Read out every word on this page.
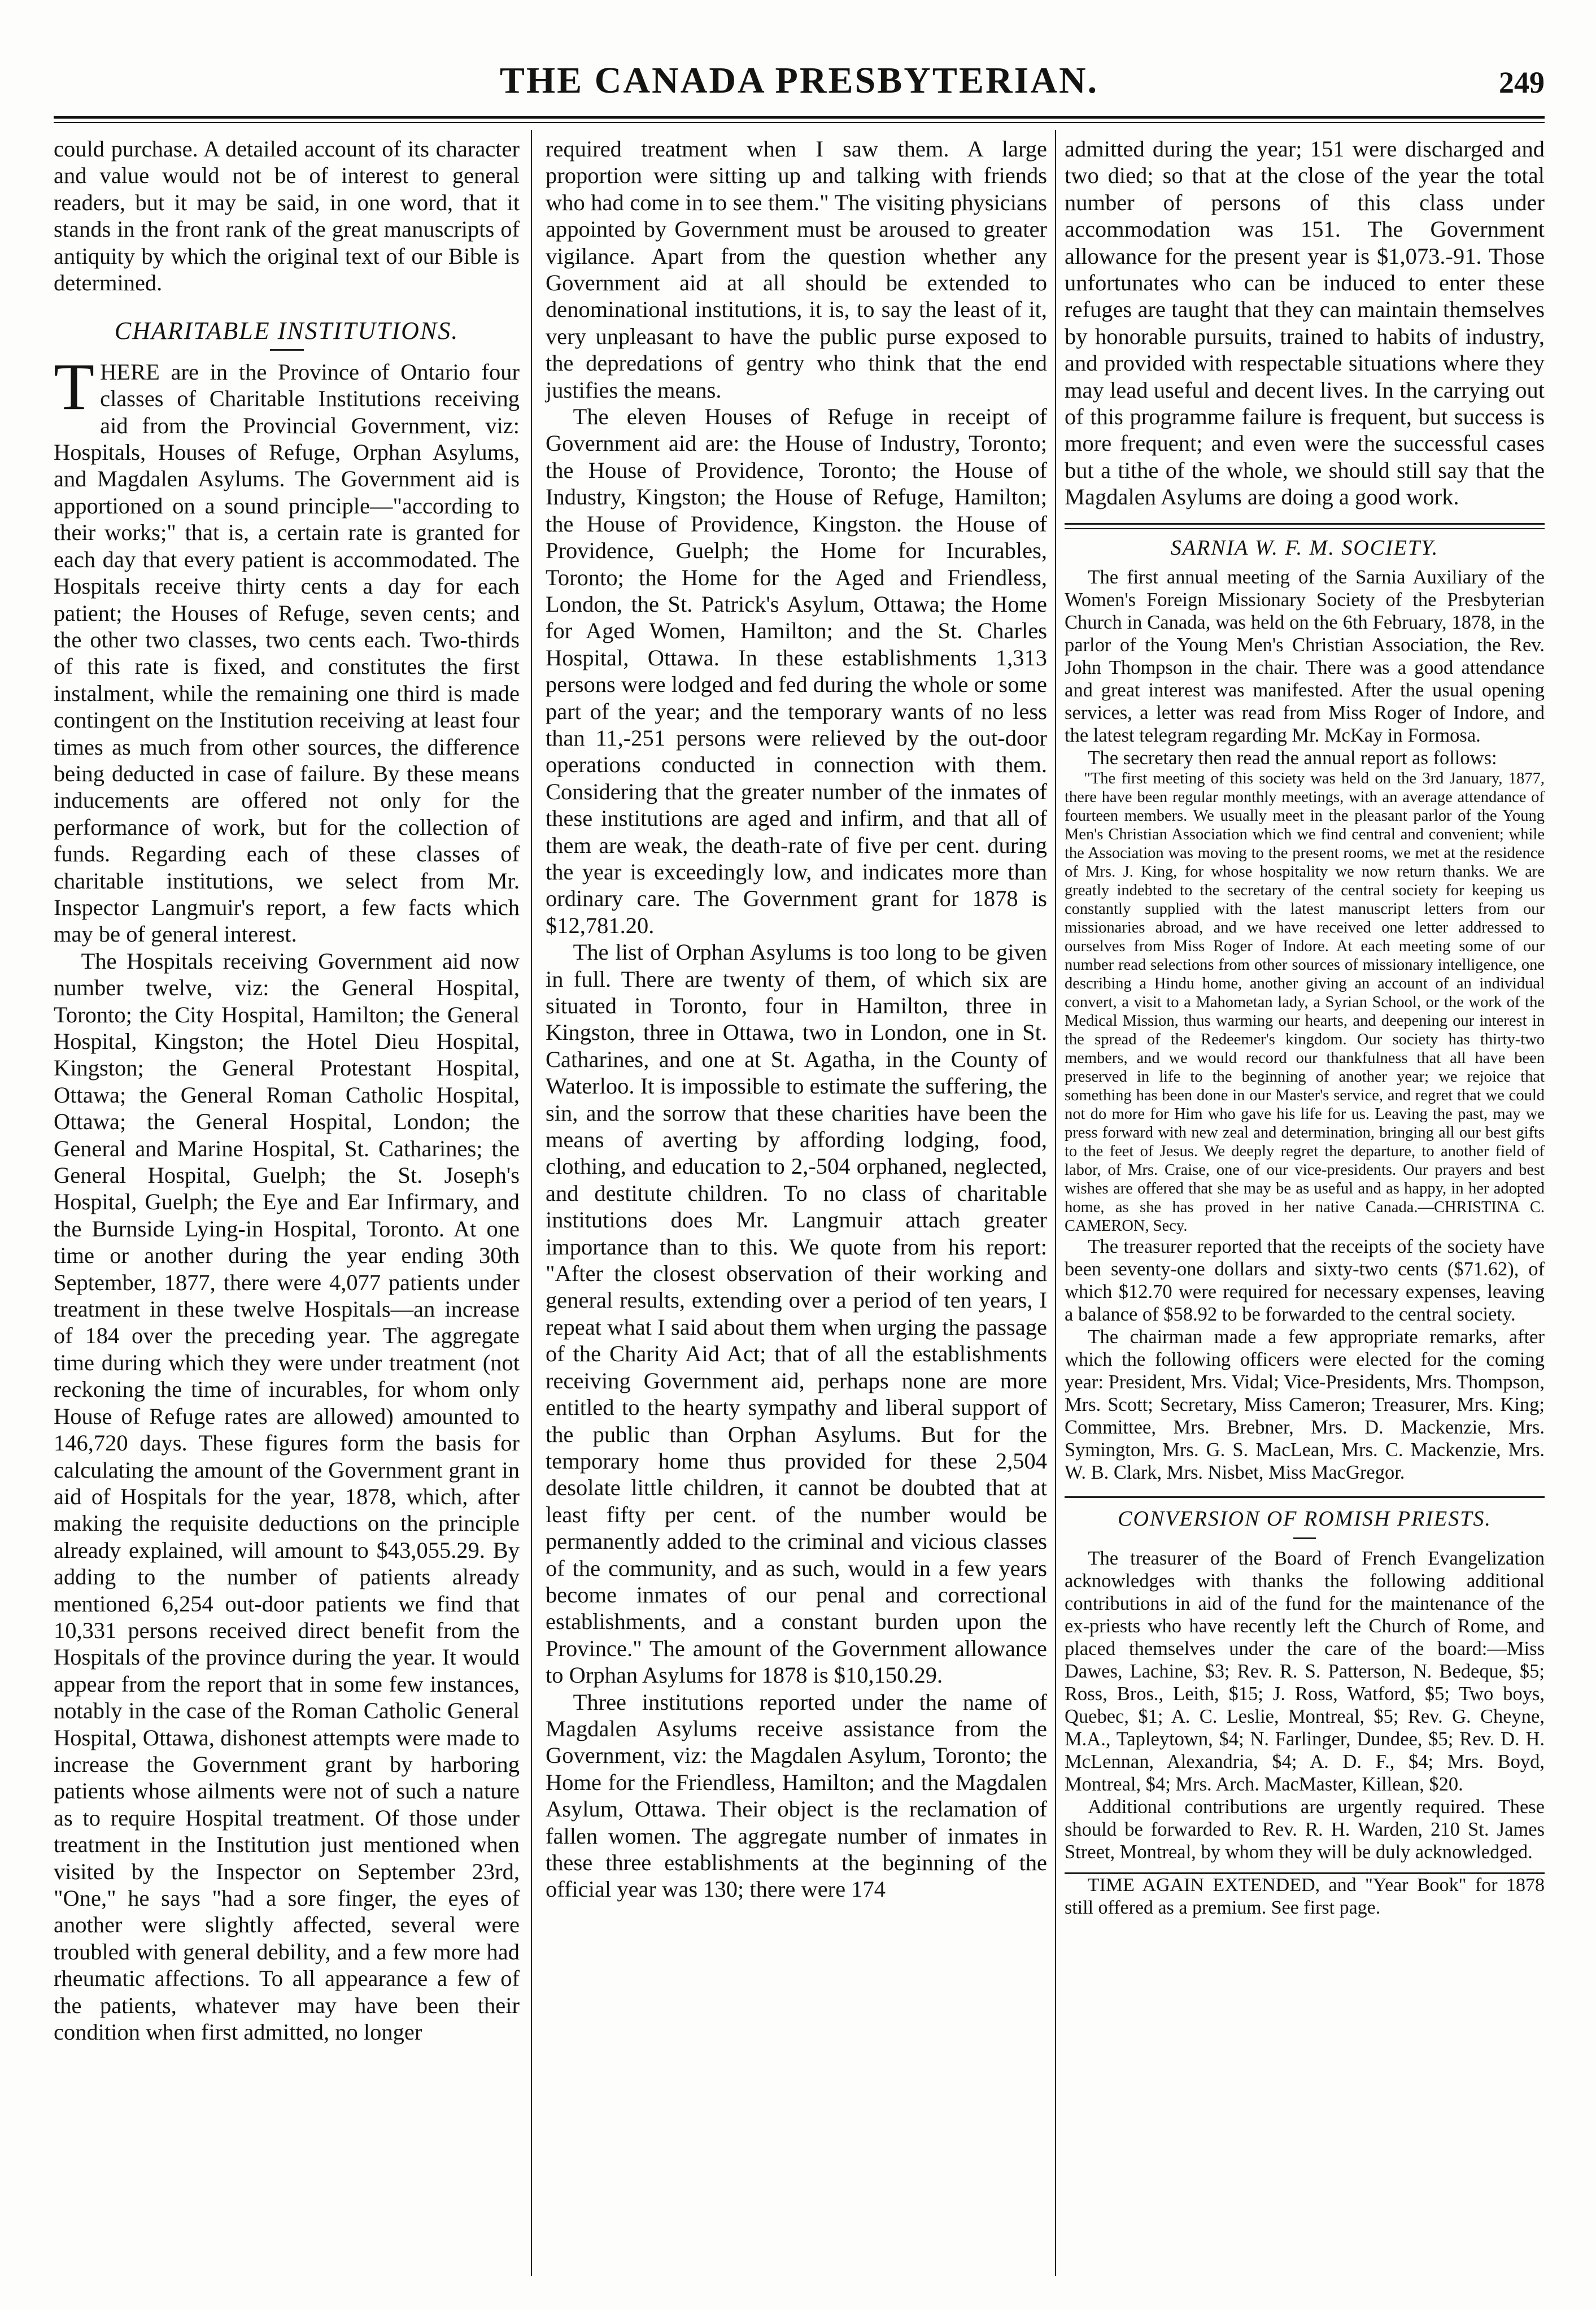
THE CANADA PRESBYTERIAN.	249

could purchase. A detailed account of its character and value would not be of interest to general readers, but it may be said, in one word, that it stands in the front rank of the great manuscripts of antiquity by which the original text of our Bible is determined.

CHARITABLE INSTITUTIONS.

THERE are in the Province of Ontario four classes of Charitable Institutions receiving aid from the Provincial Government, viz: Hospitals, Houses of Refuge, Orphan Asylums, and Magdalen Asylums. The Government aid is apportioned on a sound principle—"according to their works;" that is, a certain rate is granted for each day that every patient is accommodated. The Hospitals receive thirty cents a day for each patient; the Houses of Refuge, seven cents; and the other two classes, two cents each. Two-thirds of this rate is fixed, and constitutes the first instalment, while the remaining one third is made contingent on the Institution receiving at least four times as much from other sources, the difference being deducted in case of failure. By these means inducements are offered not only for the performance of work, but for the collection of funds. Regarding each of these classes of charitable institutions, we select from Mr. Inspector Langmuir's report, a few facts which may be of general interest.

The Hospitals receiving Government aid now number twelve, viz: the General Hospital, Toronto; the City Hospital, Hamilton; the General Hospital, Kingston; the Hotel Dieu Hospital, Kingston; the General Protestant Hospital, Ottawa; the General Roman Catholic Hospital, Ottawa; the General Hospital, London; the General and Marine Hospital, St. Catharines; the General Hospital, Guelph; the St. Joseph's Hospital, Guelph; the Eye and Ear Infirmary, and the Burnside Lying-in Hospital, Toronto. At one time or another during the year ending 30th September, 1877, there were 4,077 patients under treatment in these twelve Hospitals—an increase of 184 over the preceding year. The aggregate time during which they were under treatment (not reckoning the time of incurables, for whom only House of Refuge rates are allowed) amounted to 146,720 days. These figures form the basis for calculating the amount of the Government grant in aid of Hospitals for the year, 1878, which, after making the requisite deductions on the principle already explained, will amount to $43,055.29. By adding to the number of patients already mentioned 6,254 out-door patients we find that 10,331 persons received direct benefit from the Hospitals of the province during the year. It would appear from the report that in some few instances, notably in the case of the Roman Catholic General Hospital, Ottawa, dishonest attempts were made to increase the Government grant by harboring patients whose ailments were not of such a nature as to require Hospital treatment. Of those under treatment in the Institution just mentioned when visited by the Inspector on September 23rd, "One," he says "had a sore finger, the eyes of another were slightly affected, several were troubled with general debility, and a few more had rheumatic affections. To all appearance a few of the patients, whatever may have been their condition when first admitted, no longer

required treatment when I saw them. A large proportion were sitting up and talking with friends who had come in to see them." The visiting physicians appointed by Government must be aroused to greater vigilance. Apart from the question whether any Government aid at all should be extended to denominational institutions, it is, to say the least of it, very unpleasant to have the public purse exposed to the depredations of gentry who think that the end justifies the means.

The eleven Houses of Refuge in receipt of Government aid are: the House of Industry, Toronto; the House of Providence, Toronto; the House of Industry, Kingston; the House of Refuge, Hamilton; the House of Providence, Kingston. the House of Providence, Guelph; the Home for Incurables, Toronto; the Home for the Aged and Friendless, London, the St. Patrick's Asylum, Ottawa; the Home for Aged Women, Hamilton; and the St. Charles Hospital, Ottawa. In these establishments 1,313 persons were lodged and fed during the whole or some part of the year; and the temporary wants of no less than 11,-251 persons were relieved by the out-door operations conducted in connection with them. Considering that the greater number of the inmates of these institutions are aged and infirm, and that all of them are weak, the death-rate of five per cent. during the year is exceedingly low, and indicates more than ordinary care. The Government grant for 1878 is $12,781.20.

The list of Orphan Asylums is too long to be given in full. There are twenty of them, of which six are situated in Toronto, four in Hamilton, three in Kingston, three in Ottawa, two in London, one in St. Catharines, and one at St. Agatha, in the County of Waterloo. It is impossible to estimate the suffering, the sin, and the sorrow that these charities have been the means of averting by affording lodging, food, clothing, and education to 2,-504 orphaned, neglected, and destitute children. To no class of charitable institutions does Mr. Langmuir attach greater importance than to this. We quote from his report: "After the closest observation of their working and general results, extending over a period of ten years, I repeat what I said about them when urging the passage of the Charity Aid Act; that of all the establishments receiving Government aid, perhaps none are more entitled to the hearty sympathy and liberal support of the public than Orphan Asylums. But for the temporary home thus provided for these 2,504 desolate little children, it cannot be doubted that at least fifty per cent. of the number would be permanently added to the criminal and vicious classes of the community, and as such, would in a few years become inmates of our penal and correctional establishments, and a constant burden upon the Province." The amount of the Government allowance to Orphan Asylums for 1878 is $10,150.29.

Three institutions reported under the name of Magdalen Asylums receive assistance from the Government, viz: the Magdalen Asylum, Toronto; the Home for the Friendless, Hamilton; and the Magdalen Asylum, Ottawa. Their object is the reclamation of fallen women. The aggregate number of inmates in these three establishments at the beginning of the official year was 130; there were 174

admitted during the year; 151 were discharged and two died; so that at the close of the year the total number of persons of this class under accommodation was 151. The Government allowance for the present year is $1,073.-91. Those unfortunates who can be induced to enter these refuges are taught that they can maintain themselves by honorable pursuits, trained to habits of industry, and provided with respectable situations where they may lead useful and decent lives. In the carrying out of this programme failure is frequent, but success is more frequent; and even were the successful cases but a tithe of the whole, we should still say that the Magdalen Asylums are doing a good work.

SARNIA W. F. M. SOCIETY.

The first annual meeting of the Sarnia Auxiliary of the Women's Foreign Missionary Society of the Presbyterian Church in Canada, was held on the 6th February, 1878, in the parlor of the Young Men's Christian Association, the Rev. John Thompson in the chair. There was a good attendance and great interest was manifested. After the usual opening services, a letter was read from Miss Roger of Indore, and the latest telegram regarding Mr. McKay in Formosa.

The secretary then read the annual report as follows:

"The first meeting of this society was held on the 3rd January, 1877, there have been regular monthly meetings, with an average attendance of fourteen members. We usually meet in the pleasant parlor of the Young Men's Christian Association which we find central and convenient; while the Association was moving to the present rooms, we met at the residence of Mrs. J. King, for whose hospitality we now return thanks. We are greatly indebted to the secretary of the central society for keeping us constantly supplied with the latest manuscript letters from our missionaries abroad, and we have received one letter addressed to ourselves from Miss Roger of Indore. At each meeting some of our number read selections from other sources of missionary intelligence, one describing a Hindu home, another giving an account of an individual convert, a visit to a Mahometan lady, a Syrian School, or the work of the Medical Mission, thus warming our hearts, and deepening our interest in the spread of the Redeemer's kingdom. Our society has thirty-two members, and we would record our thankfulness that all have been preserved in life to the beginning of another year; we rejoice that something has been done in our Master's service, and regret that we could not do more for Him who gave his life for us. Leaving the past, may we press forward with new zeal and determination, bringing all our best gifts to the feet of Jesus. We deeply regret the departure, to another field of labor, of Mrs. Craise, one of our vice-presidents. Our prayers and best wishes are offered that she may be as useful and as happy, in her adopted home, as she has proved in her native Canada.—CHRISTINA C. CAMERON, Secy.

The treasurer reported that the receipts of the society have been seventy-one dollars and sixty-two cents ($71.62), of which $12.70 were required for necessary expenses, leaving a balance of $58.92 to be forwarded to the central society.

The chairman made a few appropriate remarks, after which the following officers were elected for the coming year: President, Mrs. Vidal; Vice-Presidents, Mrs. Thompson, Mrs. Scott; Secretary, Miss Cameron; Treasurer, Mrs. King; Committee, Mrs. Brebner, Mrs. D. Mackenzie, Mrs. Symington, Mrs. G. S. MacLean, Mrs. C. Mackenzie, Mrs. W. B. Clark, Mrs. Nisbet, Miss MacGregor.

CONVERSION OF ROMISH PRIESTS.

The treasurer of the Board of French Evangelization acknowledges with thanks the following additional contributions in aid of the fund for the maintenance of the ex-priests who have recently left the Church of Rome, and placed themselves under the care of the board:—Miss Dawes, Lachine, $3; Rev. R. S. Patterson, N. Bedeque, $5; Ross, Bros., Leith, $15; J. Ross, Watford, $5; Two boys, Quebec, $1; A. C. Leslie, Montreal, $5; Rev. G. Cheyne, M.A., Tapleytown, $4; N. Farlinger, Dundee, $5; Rev. D. H. McLennan, Alexandria, $4; A. D. F., $4; Mrs. Boyd, Montreal, $4; Mrs. Arch. MacMaster, Killean, $20.

Additional contributions are urgently required. These should be forwarded to Rev. R. H. Warden, 210 St. James Street, Montreal, by whom they will be duly acknowledged.

TIME AGAIN EXTENDED, and "Year Book" for 1878 still offered as a premium. See first page.
